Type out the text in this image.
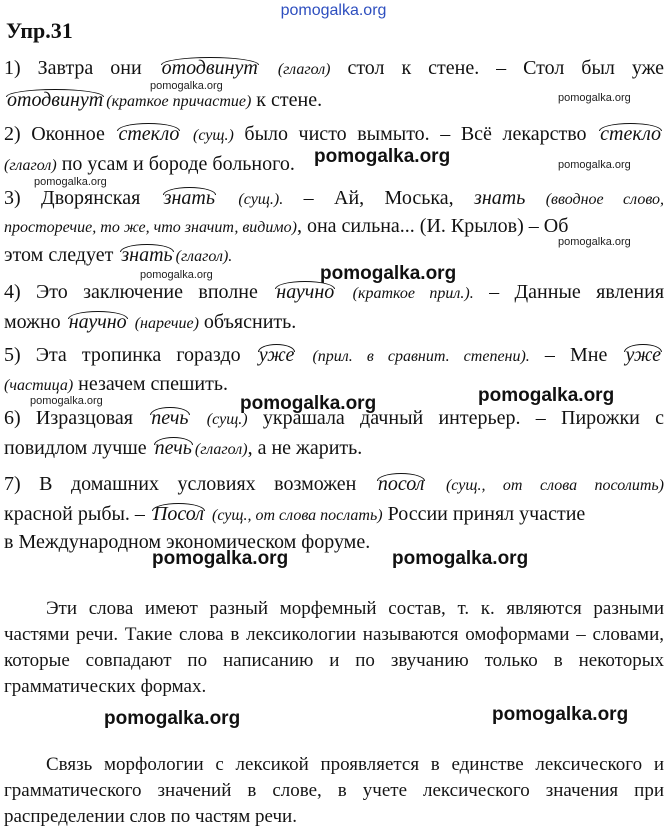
pomogalka.org
Упр.31
1) Завтра они отодвинут (глагол) стол к стене. – Стол был уже
отодвинут (краткое причастие) к стене.
2) Оконное стекло (сущ.) было чисто вымыто. – Всё лекарство стекло
(глагол) по усам и бороде больного.
3) Дворянская знать (сущ.). – Ай, Моська, знать (вводное слово,
просторечие, то же, что значит, видимо), она сильна... (И. Крылов) – Об
этом следует знать (глагол).
4) Это заключение вполне научно (краткое прил.). – Данные явления
можно научно (наречие) объяснить.
5) Эта тропинка гораздо уже (прил. в сравнит. степени). – Мне уже
(частица) незачем спешить.
6) Изразцовая печь (сущ.) украшала дачный интерьер. – Пирожки с
повидлом лучше печь (глагол), а не жарить.
7) В домашних условиях возможен посол (сущ., от слова посолить)
красной рыбы. – Посол (сущ., от слова послать) России принял участие
в Международном экономическом форуме.
Эти слова имеют разный морфемный состав, т. к. являются разными частями речи. Такие слова в лексикологии называются омоформами – словами, которые совпадают по написанию и по звучанию только в некоторых грамматических формах.
Связь морфологии с лексикой проявляется в единстве лексического и грамматического значений в слове, в учете лексического значения при распределении слов по частям речи.
pomogalka.org
pomogalka.org
pomogalka.org	pomogalka.org
pomogalka.org
pomogalka.org
pomogalka.org	pomogalka.org
pomogalka.org
pomogalka.org	pomogalka.org
pomogalka.org	pomogalka.org
pomogalka.org	pomogalka.org
